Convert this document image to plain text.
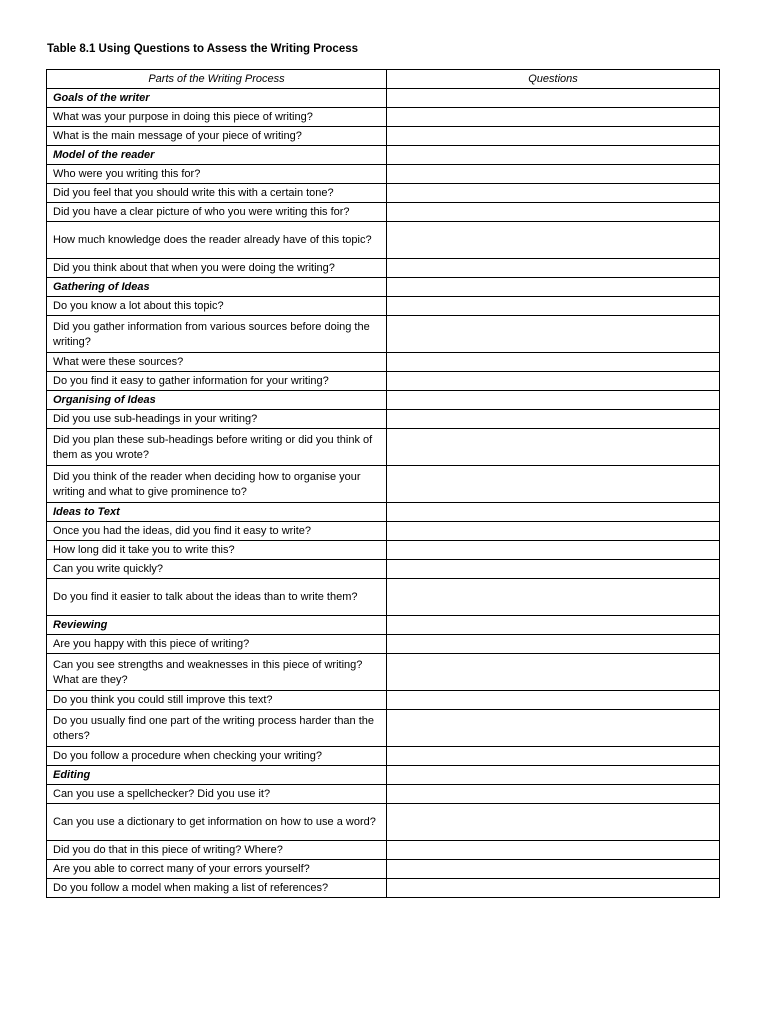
Table 8.1 Using Questions to Assess the Writing Process
Parts of the Writing Process	Questions
Goals of the writer	
What was your purpose in doing this piece of writing?	
What is the main message of your piece of writing?	
Model of the reader	
Who were you writing this for?	
Did you feel that you should write this with a certain tone?	
Did you have a clear picture of who you were writing this for?	
How much knowledge does the reader already have of this topic?	
Did you think about that when you were doing the writing?	
Gathering of Ideas	
Do you know a lot about this topic?	
Did you gather information from various sources before doing the writing?	
What were these sources?	
Do you find it easy to gather information for your writing?	
Organising of Ideas	
Did you use sub-headings in your writing?	
Did you plan these sub-headings before writing or did you think of them as you wrote?	
Did you think of the reader when deciding how to organise your writing and what to give prominence to?	
Ideas to Text	
Once you had the ideas, did you find it easy to write?	
How long did it take you to write this?	
Can you write quickly?	
Do you find it easier to talk about the ideas than to write them?	
Reviewing	
Are you happy with this piece of writing?	
Can you see strengths and weaknesses in this piece of writing? What are they?	
Do you think you could still improve this text?	
Do you usually find one part of the writing process harder than the others?	
Do you follow a procedure when checking your writing?	
Editing	
Can you use a spellchecker? Did you use it?	
Can you use a dictionary to get information on how to use a word?	
Did you do that in this piece of writing? Where?	
Are you able to correct many of your errors yourself?	
Do you follow a model when making a list of references?	
